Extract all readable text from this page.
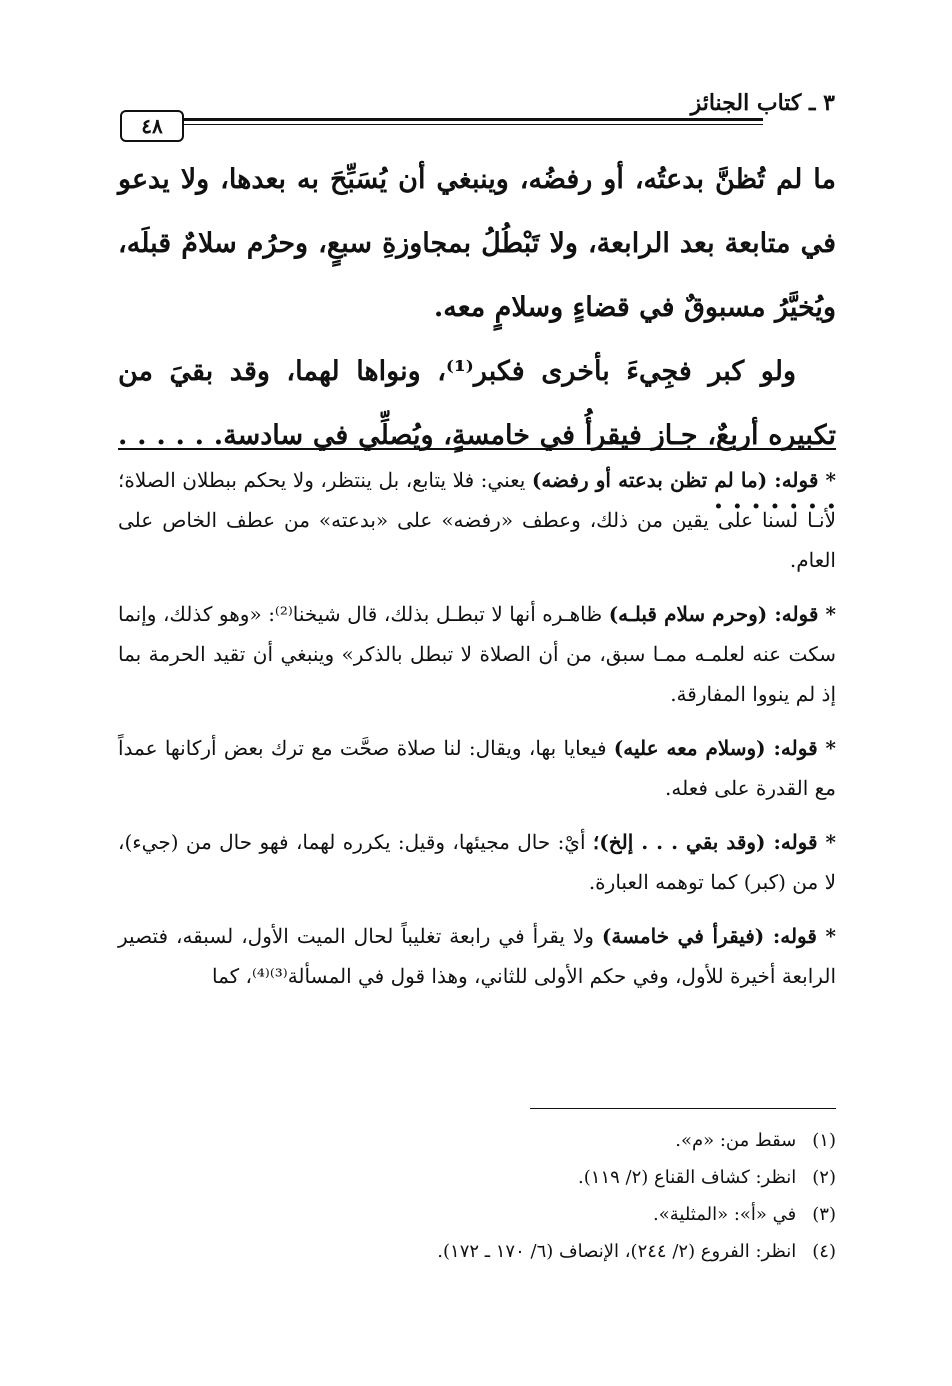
٣ ـ كتاب الجنائز
٤٨

ما لم تُظنَّ بدعتُه، أو رفضُه، وينبغي أن يُسَبِّحَ به بعدها، ولا يدعو في متابعة بعد الرابعة، ولا تَبْطُلُ بمجاوزةِ سبعٍ، وحرُم سلامٌ قبلَه، ويُخيَّرُ مسبوقٌ في قضاءٍ وسلامٍ معه.

ولو كبر فجِيءَ بأخرى فكبر⁽¹⁾، ونواها لهما، وقد بقيَ من تكبيره أربعٌ، جـاز فيقرأُ في خامسةٍ، ويُصلِّي في سادسة. . . . . . . . . . . . .

* قوله: (ما لم تظن بدعته أو رفضه) يعني: فلا يتابع، بل ينتظر، ولا يحكم ببطلان الصلاة؛ لأنـا لسنا على يقين من ذلك، وعطف «رفضه» على «بدعته» من عطف الخاص على العام.

* قوله: (وحرم سلام قبلـه) ظاهـره أنها لا تبطـل بذلك، قال شيخنا⁽²⁾: «وهو كذلك، وإنما سكت عنه لعلمـه ممـا سبق، من أن الصلاة لا تبطل بالذكر» وينبغي أن تقيد الحرمة بما إذ لم ينووا المفارقة.

* قوله: (وسلام معه عليه) فيعايا بها، ويقال: لنا صلاة صحَّت مع ترك بعض أركانها عمداً مع القدرة على فعله.

* قوله: (وقد بقي . . . إلخ)؛ أيْ: حال مجيئها، وقيل: يكرره لهما، فهو حال من (جيء)، لا من (كبر) كما توهمه العبارة.

* قوله: (فيقرأ في خامسة) ولا يقرأ في رابعة تغليباً لحال الميت الأول، لسبقه، فتصير الرابعة أخيرة للأول، وفي حكم الأولى للثاني، وهذا قول في المسألة⁽³⁾⁽⁴⁾، كما

(١) سقط من: «م».
(٢) انظر: كشاف القناع (٢/ ١١٩).
(٣) في «أ»: «المثلية».
(٤) انظر: الفروع (٢/ ٢٤٤)، الإنصاف (٦/ ١٧٠ ـ ١٧٢).
